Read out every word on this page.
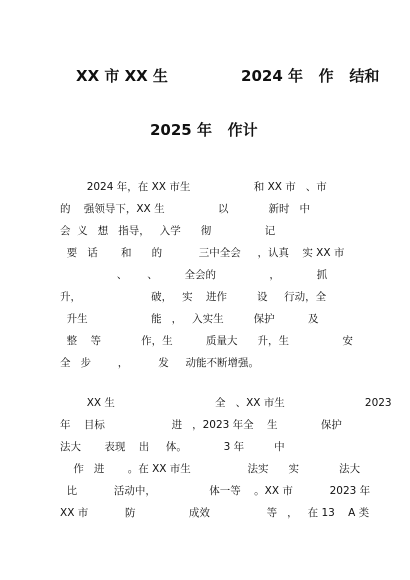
XX 市 XX 生              2024 年   作   结和
2025 年   作计
2024 年，在 XX 市生                   和 XX 市   、市
的    强领导下，XX 生                以            新时   中
会  义   想   指导，   入学      彻                记
要   话       和      的           三中全会     ，认真    实 XX 市
、      、        全会的                ，           抓
升，                     破，   实    进作         设     行动，全
升生                   能   ，   入实生         保护          及
整    等            作，生          质量大      升，生                安
全   步        ，         发     动能不断增强。
XX 生                              全   、XX 市生                        2023
年    目标                    进   ，2023 年全    生             保护
法大       表现    出     体。           3 年         中
作   进       。在 XX 市生                 法实      实            法大
比           活动中，                体一等    。XX 市           2023 年
XX 市           防                成效                 等   ，   在 13    A 类
